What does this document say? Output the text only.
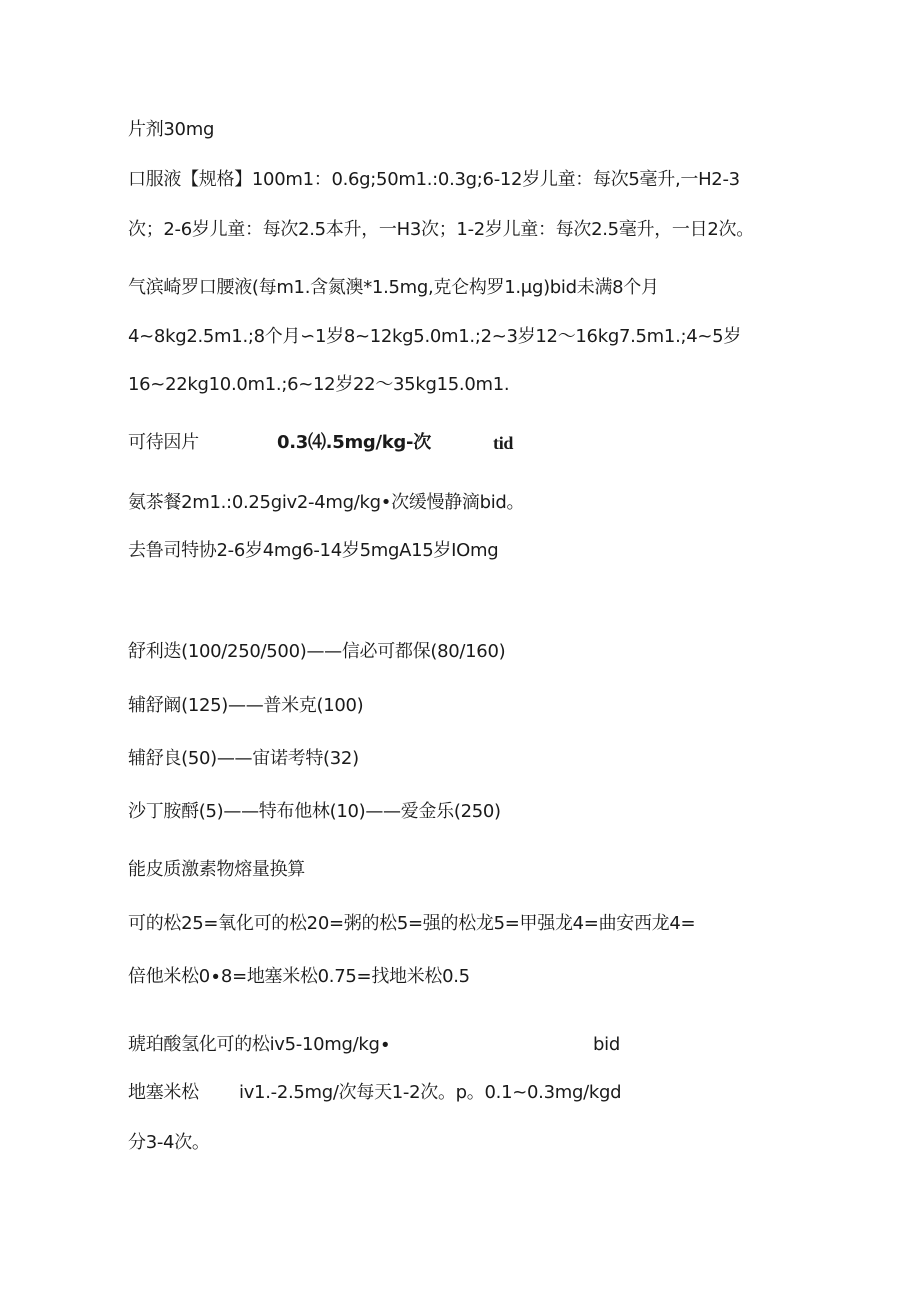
片剂30mg
口服液【规格】100m1：0.6g;50m1.:0.3g;6-12岁儿童：每次5毫升,一H2-3
次；2-6岁儿童：每次2.5本升，一H3次；1-2岁儿童：每次2.5毫升，一日2次。
气滨崎罗口腰液(每m1.含氮澳*1.5mg,克仑构罗1.μg)bid未满8个月
4~8kg2.5m1.;8个月∽1岁8~12kg5.0m1.;2~3岁12～16kg7.5m1.;4~5岁
16~22kg10.0m1.;6~12岁22～35kg15.0m1.
可待因片	0.3⑷.5mg∕kg-次	tid
氨茶餐2m1.:0.25giv2-4mg/kg•次缓慢静滴bid。
去鲁司特协2-6岁4mg6-14岁5mgA15岁IOmg
舒利迭(100/250/500)——信必可都保(80/160)
辅舒阚(125)——普米克(100)
辅舒良(50)——宙诺考特(32)
沙丁胺酹(5)——特布他林(10)——爱金乐(250)
能皮质激素物熔量换算
可的松25=氧化可的松20=粥的松5=强的松龙5=甲强龙4=曲安西龙4=
倍他米松0∙8=地塞米松0.75=找地米松0.5
琥珀酸氢化可的松iv5-10mg/kg∙	bid
地塞米松 iv1.-2.5mg/次每天1-2次。p。0.1~0.3mg∕kgd
分3-4次。
